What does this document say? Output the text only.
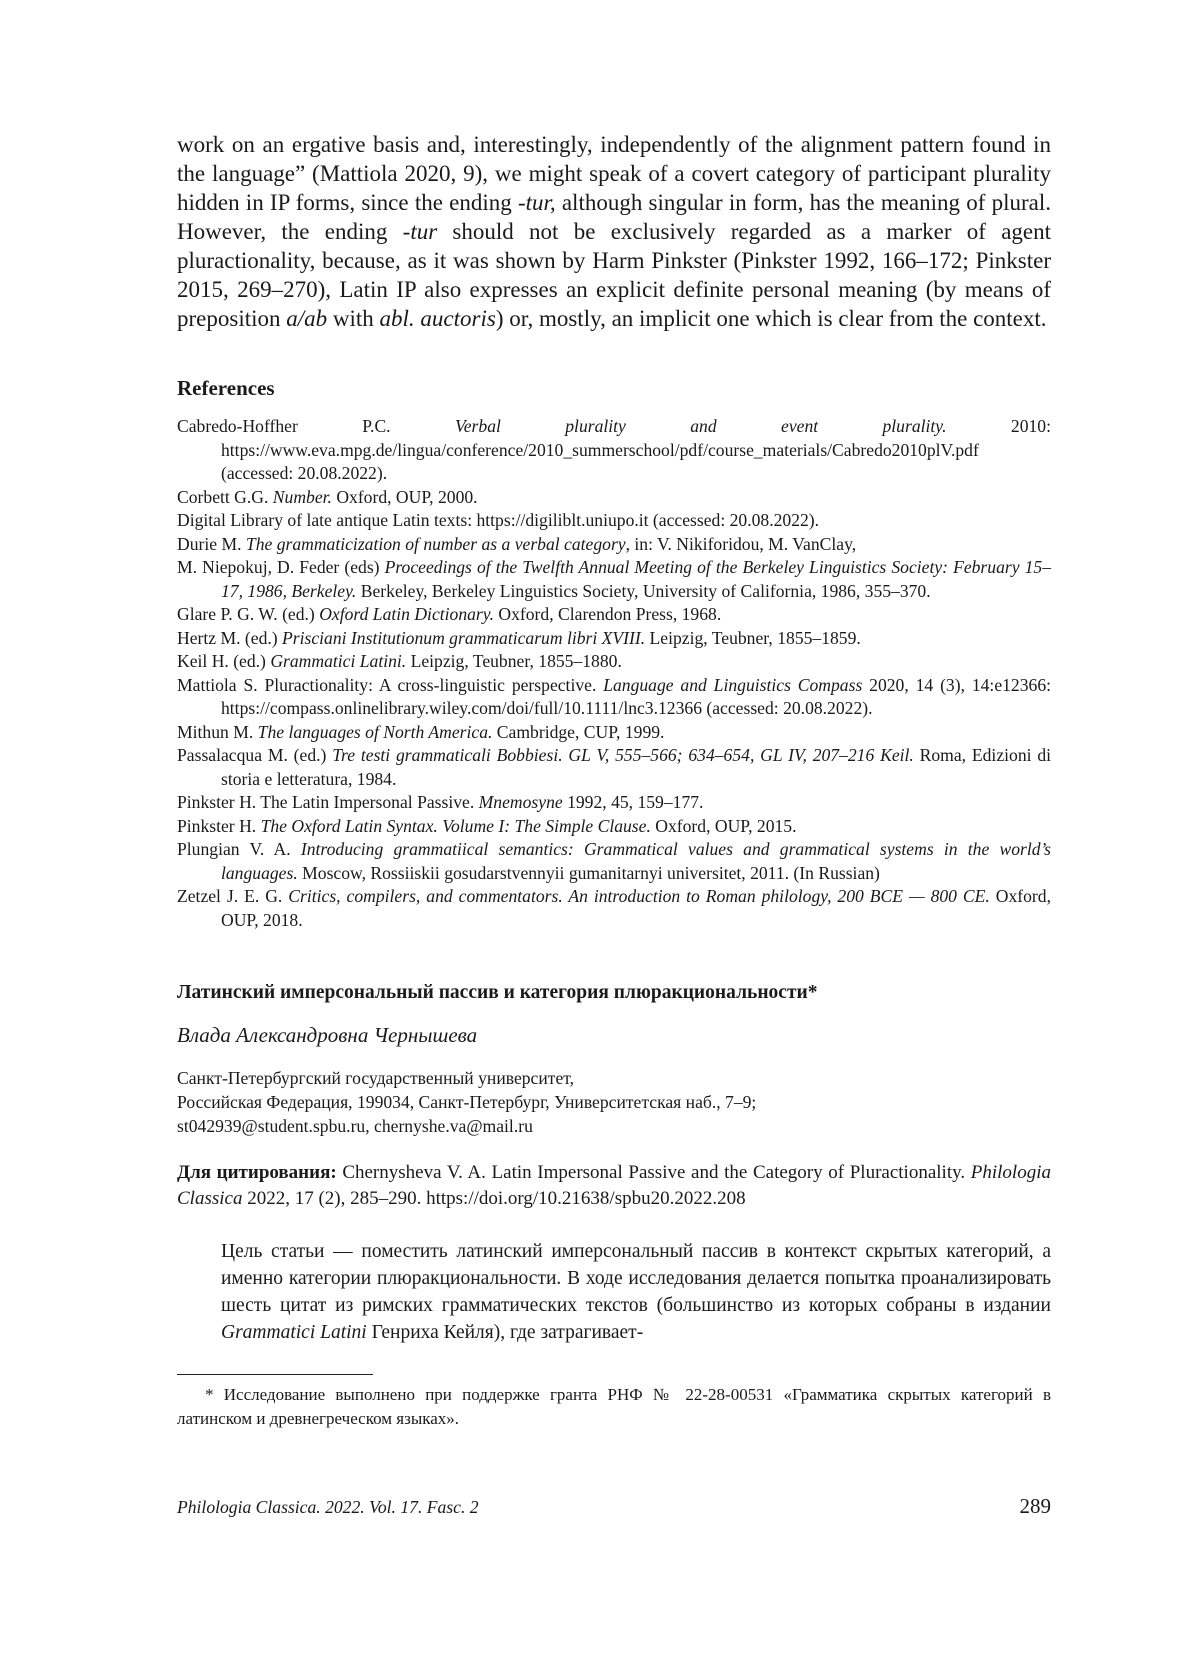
work on an ergative basis and, interestingly, independently of the alignment pattern found in the language” (Mattiola 2020, 9), we might speak of a covert category of participant plurality hidden in IP forms, since the ending -tur, although singular in form, has the meaning of plural. However, the ending -tur should not be exclusively regarded as a marker of agent pluractionality, because, as it was shown by Harm Pinkster (Pinkster 1992, 166–172; Pinkster 2015, 269–270), Latin IP also expresses an explicit definite personal meaning (by means of preposition a/ab with abl. auctoris) or, mostly, an implicit one which is clear from the context.

References

Cabredo-Hoffher P.C. Verbal plurality and event plurality. 2010: https://www.eva.mpg.de/lingua/conference/2010_summerschool/pdf/course_materials/Cabredo2010plV.pdf (accessed: 20.08.2022).

Corbett G.G. Number. Oxford, OUP, 2000.

Digital Library of late antique Latin texts: https://digiliblt.uniupo.it (accessed: 20.08.2022).

Durie M. The grammaticization of number as a verbal category, in: V. Nikiforidou, M. VanClay,

M. Niepokuj, D. Feder (eds) Proceedings of the Twelfth Annual Meeting of the Berkeley Linguistics Society: February 15–17, 1986, Berkeley. Berkeley, Berkeley Linguistics Society, University of California, 1986, 355–370.

Glare P. G. W. (ed.) Oxford Latin Dictionary. Oxford, Clarendon Press, 1968.

Hertz M. (ed.) Prisciani Institutionum grammaticarum libri XVIII. Leipzig, Teubner, 1855–1859.

Keil H. (ed.) Grammatici Latini. Leipzig, Teubner, 1855–1880.

Mattiola S. Pluractionality: A cross-linguistic perspective. Language and Linguistics Compass 2020, 14 (3), 14:e12366: https://compass.onlinelibrary.wiley.com/doi/full/10.1111/lnc3.12366 (accessed: 20.08.2022).

Mithun M. The languages of North America. Cambridge, CUP, 1999.

Passalacqua M. (ed.) Tre testi grammaticali Bobbiesi. GL V, 555–566; 634–654, GL IV, 207–216 Keil. Roma, Edizioni di storia e letteratura, 1984.

Pinkster H. The Latin Impersonal Passive. Mnemosyne 1992, 45, 159–177.

Pinkster H. The Oxford Latin Syntax. Volume I: The Simple Clause. Oxford, OUP, 2015.

Plungian V. A. Introducing grammatiical semantics: Grammatical values and grammatical systems in the world’s languages. Moscow, Rossiiskii gosudarstvennyii gumanitarnyi universitet, 2011. (In Russian)

Zetzel J. E. G. Critics, compilers, and commentators. An introduction to Roman philology, 200 BCE — 800 CE. Oxford, OUP, 2018.

Латинский имперсональный пассив и категория плюракциональности*
Влада Александровна Чернышева

Санкт-Петербургский государственный университет,

Российская Федерация, 199034, Санкт-Петербург, Университетская наб., 7–9;

st042939@student.spbu.ru, chernyshe.va@mail.ru

Для цитирования: Chernysheva V. A. Latin Impersonal Passive and the Category of Pluractionality. Philologia Classica 2022, 17 (2), 285–290. https://doi.org/10.21638/spbu20.2022.208

Цель статьи — поместить латинский имперсональный пассив в контекст скрытых категорий, а именно категории плюракциональности. В ходе исследования делается попытка проанализировать шесть цитат из римских грамматических текстов (большинство из которых собраны в издании Grammatici Latini Генриха Кейля), где затрагивает-

* Исследование выполнено при поддержке гранта РНФ № 22-28-00531 «Грамматика скрытых категорий в латинском и древнегреческом языках».

Philologia Classica. 2022. Vol. 17. Fasc. 2	289
